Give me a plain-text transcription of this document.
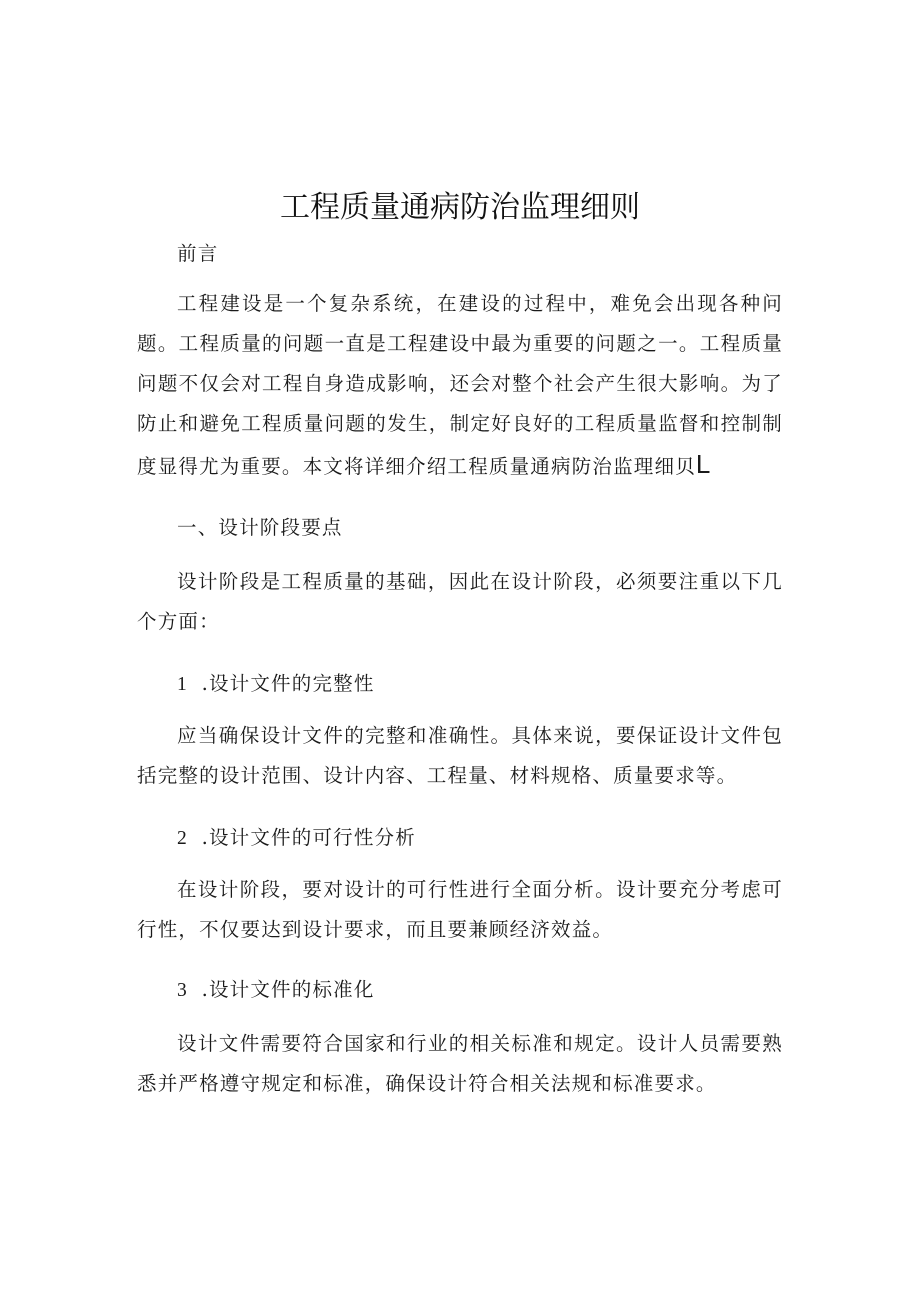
工程质量通病防治监理细则

前言

工程建设是一个复杂系统，在建设的过程中，难免会出现各种问题。工程质量的问题一直是工程建设中最为重要的问题之一。工程质量问题不仅会对工程自身造成影响，还会对整个社会产生很大影响。为了防止和避免工程质量问题的发生，制定好良好的工程质量监督和控制制度显得尤为重要。本文将详细介绍工程质量通病防治监理细贝L

一、设计阶段要点

设计阶段是工程质量的基础，因此在设计阶段，必须要注重以下几个方面：

1 .设计文件的完整性

应当确保设计文件的完整和准确性。具体来说，要保证设计文件包括完整的设计范围、设计内容、工程量、材料规格、质量要求等。

2 .设计文件的可行性分析

在设计阶段，要对设计的可行性进行全面分析。设计要充分考虑可行性，不仅要达到设计要求，而且要兼顾经济效益。

3 .设计文件的标准化

设计文件需要符合国家和行业的相关标准和规定。设计人员需要熟悉并严格遵守规定和标准，确保设计符合相关法规和标准要求。
